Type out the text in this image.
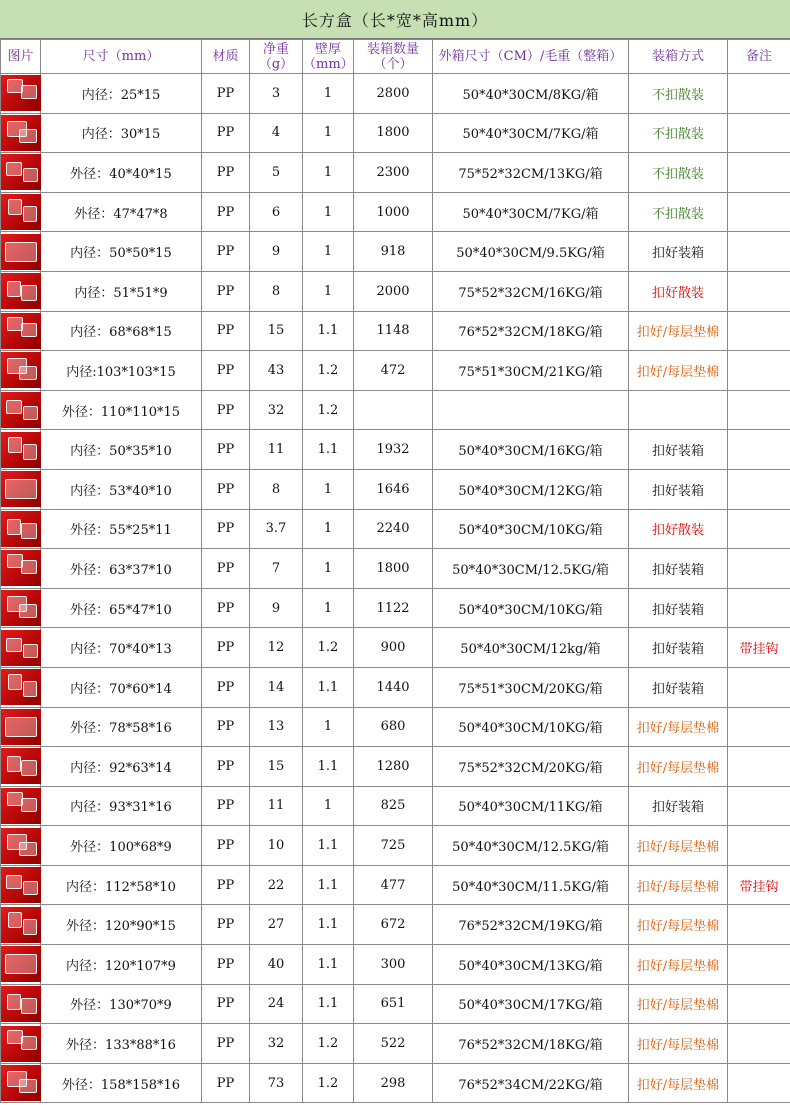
长方盒（长*宽*高mm）
图片	尺寸（mm）	材质	净重（g）	壁厚（mm）	装箱数量（个）	外箱尺寸（CM）/毛重（整箱）	装箱方式	备注

	内径：25*15	PP	3	1	2800	50*40*30CM/8KG/箱	不扣散装	

	内径：30*15	PP	4	1	1800	50*40*30CM/7KG/箱	不扣散装	

	外径：40*40*15	PP	5	1	2300	75*52*32CM/13KG/箱	不扣散装	

	外径：47*47*8	PP	6	1	1000	50*40*30CM/7KG/箱	不扣散装	

	内径：50*50*15	PP	9	1	918	50*40*30CM/9.5KG/箱	扣好装箱	

	内径：51*51*9	PP	8	1	2000	75*52*32CM/16KG/箱	扣好散装	

	内径：68*68*15	PP	15	1.1	1148	76*52*32CM/18KG/箱	扣好/每层垫棉	

	内径:103*103*15	PP	43	1.2	472	75*51*30CM/21KG/箱	扣好/每层垫棉	

	外径：110*110*15	PP	32	1.2				

	内径：50*35*10	PP	11	1.1	1932	50*40*30CM/16KG/箱	扣好装箱	

	内径：53*40*10	PP	8	1	1646	50*40*30CM/12KG/箱	扣好装箱	

	外径：55*25*11	PP	3.7	1	2240	50*40*30CM/10KG/箱	扣好散装	

	外径：63*37*10	PP	7	1	1800	50*40*30CM/12.5KG/箱	扣好装箱	

	外径：65*47*10	PP	9	1	1122	50*40*30CM/10KG/箱	扣好装箱	

	内径：70*40*13	PP	12	1.2	900	50*40*30CM/12kg/箱	扣好装箱	带挂钩

	内径：70*60*14	PP	14	1.1	1440	75*51*30CM/20KG/箱	扣好装箱	

	外径：78*58*16	PP	13	1	680	50*40*30CM/10KG/箱	扣好/每层垫棉	

	内径：92*63*14	PP	15	1.1	1280	75*52*32CM/20KG/箱	扣好/每层垫棉	

	内径：93*31*16	PP	11	1	825	50*40*30CM/11KG/箱	扣好装箱	

	外径：100*68*9	PP	10	1.1	725	50*40*30CM/12.5KG/箱	扣好/每层垫棉	

	内径：112*58*10	PP	22	1.1	477	50*40*30CM/11.5KG/箱	扣好/每层垫棉	带挂钩

	外径：120*90*15	PP	27	1.1	672	76*52*32CM/19KG/箱	扣好/每层垫棉	

	内径：120*107*9	PP	40	1.1	300	50*40*30CM/13KG/箱	扣好/每层垫棉	

	外径：130*70*9	PP	24	1.1	651	50*40*30CM/17KG/箱	扣好/每层垫棉	

	外径：133*88*16	PP	32	1.2	522	76*52*32CM/18KG/箱	扣好/每层垫棉	

	外径：158*158*16	PP	73	1.2	298	76*52*34CM/22KG/箱	扣好/每层垫棉	
